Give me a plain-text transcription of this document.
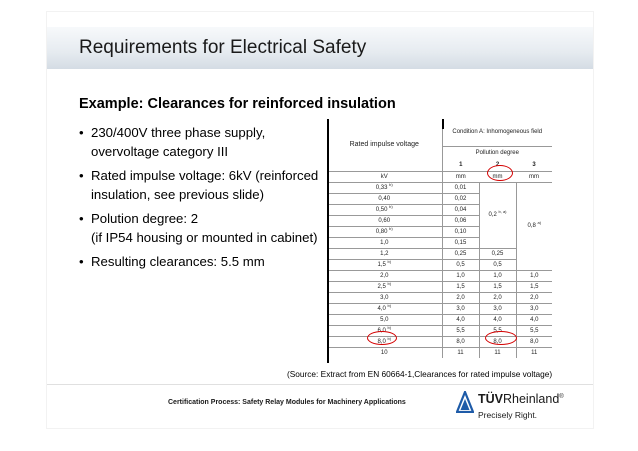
Requirements for Electrical Safety
Example: Clearances for reinforced insulation
• 230/400V three phase supply,
overvoltage category III
• Rated impulse voltage: 6kV (reinforced
insulation, see previous slide)
• Polution degree: 2
(if IP54 housing or mounted in cabinet)
• Resulting clearances: 5.5 mm
Rated impulse voltage	Condition A: Inhomogeneous field		
	Pollution degree		
	1	2	3
kV	mm	mm	mm
0,33 $^{b)}$	0,01	0,2 $^{b, a)}$	0,8 $^{a)}$
0,40	0,02		
0,50 $^{b)}$	0,04		
0,60	0,06		
0,80 $^{b)}$	0,10		
1,0	0,15		
1,2	0,25	0,25	
1,5 $^{b)}$	0,5	0,5	
2,0	1,0	1,0	1,0
2,5 $^{b)}$	1,5	1,5	1,5
3,0	2,0	2,0	2,0
4,0 $^{b)}$	3,0	3,0	3,0
5,0	4,0	4,0	4,0
6,0 $^{b)}$	5,5	5,5	5,5
8,0 $^{b)}$	8,0	8,0	8,0
10	11	11	11
(Source: Extract from EN 60664-1,Clearances for rated impulse voltage)
Certification Process: Safety Relay Modules for Machinery Applications	TÜVRheinland®
Precisely Right.
